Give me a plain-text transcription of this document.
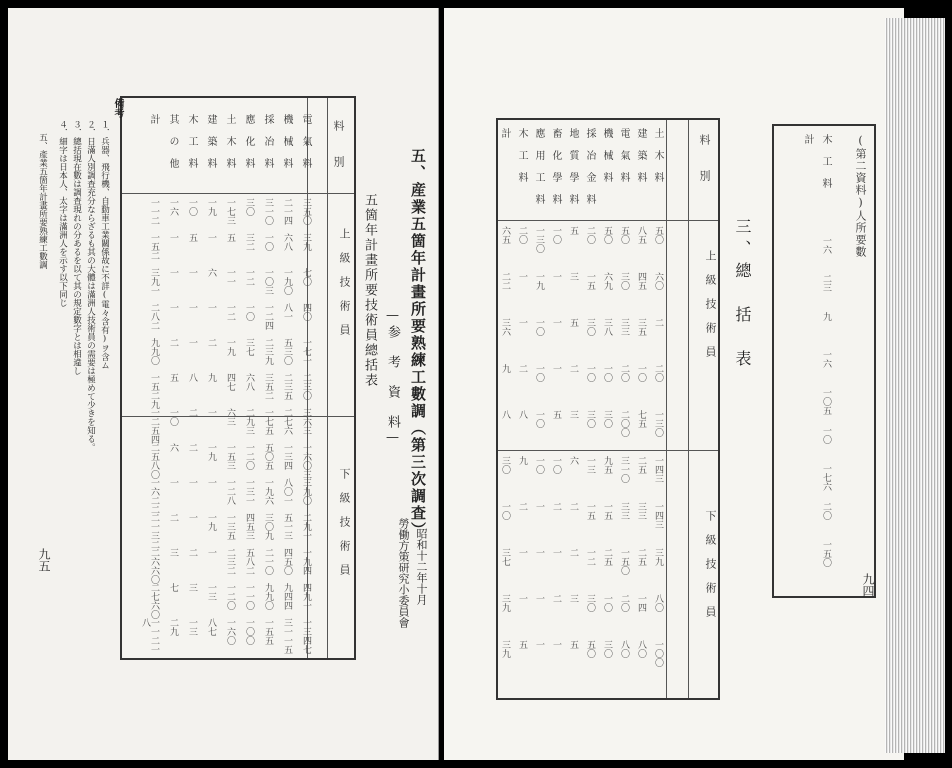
料　　別
上　級　技　術　員
下　級　技　術　員
電　氣　料
三五〇
三九
七〇
四〇
一七一
二三〇
三六三
一六〇三
三九〇
二九一
一九四
四九一
一三四七
機　械　料
二一四
六八
一九〇
八一
五三〇
二三五
二七六
一三四
八〇一
五一三
四五〇
九四四
三一一五
採　冶　料
三一〇
一〇
一〇三
一二四
二三九
三五二
一七五
五〇五
一九六
三〇九
二一〇
九九〇
一五五
應　化　料
三〇
三二
一二
一〇
三七
六八
二九三
一二〇
一三一
四五三
五八二
一一〇
一〇〇
土　木　料
一七三
五
一一
一二
一九
四七
六三
一五三
一二八
一三五
二三二
一二〇
一六〇
建　築　料
一九
一
六
一
二
九
一
一九
一
一九
一
一三
八七
木　工　料
一〇
五
一
一
一
八
二
二
一
一
二
三
一三
其　の　他
一六
一
一
一
二
五
一〇
六
一
二
三
七
二九
計
一一二
一五二
三九一
二八二
九九〇
一五二九
一二五四
二五八〇
一六二二
二一三二
二六六〇
二七六〇
一一二一八
五、産業五箇年計畫所要熟練工數調（第三次調査）
—参　考　資　料—
五箇年計畫所要技術員總括表
昭和十二年十月
勞働方策研究小委員會
備考
１．兵器、飛行機、自動車工業關係故に不詳(電々含有)ヲ含ム
２．日滿人別調査充分ならざるも其の大體は滿洲人技術員の需要は極めて少きを知る。
３．總括現在數は調査現れの分あるを以て其の規定數字とは相違し
４．細字は日本人、太字は滿洲人を示す以下同じ
五、產業五箇年計畫所要熟練工數調
九五
料　　別
上　級　技　術　員
下　級　技　術　員
土　木　料
五〇
六〇
二
二〇
一三〇
一四三
一四三
三九
八〇
一〇〇
建　築　料
八五
四五
三五
一〇
七五
二五
三三
二五
一四
八〇
電　氣　料
五〇
三〇
三三
二〇
二〇〇
三一〇
三三
一五〇
二〇
八〇
機　械　料
五〇
六九
三八
一〇
三〇
九五
一五
二五
一〇
三〇
採　冶　金　料
二〇
一五
三〇
一〇
三〇
一三
一五
一二
三〇
五〇
地　質　學　料
五
三
五
二
三
六
二
二
三
五
畜　化　學　料
一〇
一
一
一
五
一〇
二
一
二
一
應　用　工　料
一三〇
一九
一〇
一〇
一〇
一〇
一
一
一
一
木　工　料
二〇
一
一
二
八
九
二
一
一
五
計
六五
二二
三六
九
八
三〇
一〇
三七
三九
三九
三、總　括　表
(第二資料)人所要數
木　工　料
計
一六
二三
九
一六
一〇五
一〇
一七六
二〇
一五〇
九四
